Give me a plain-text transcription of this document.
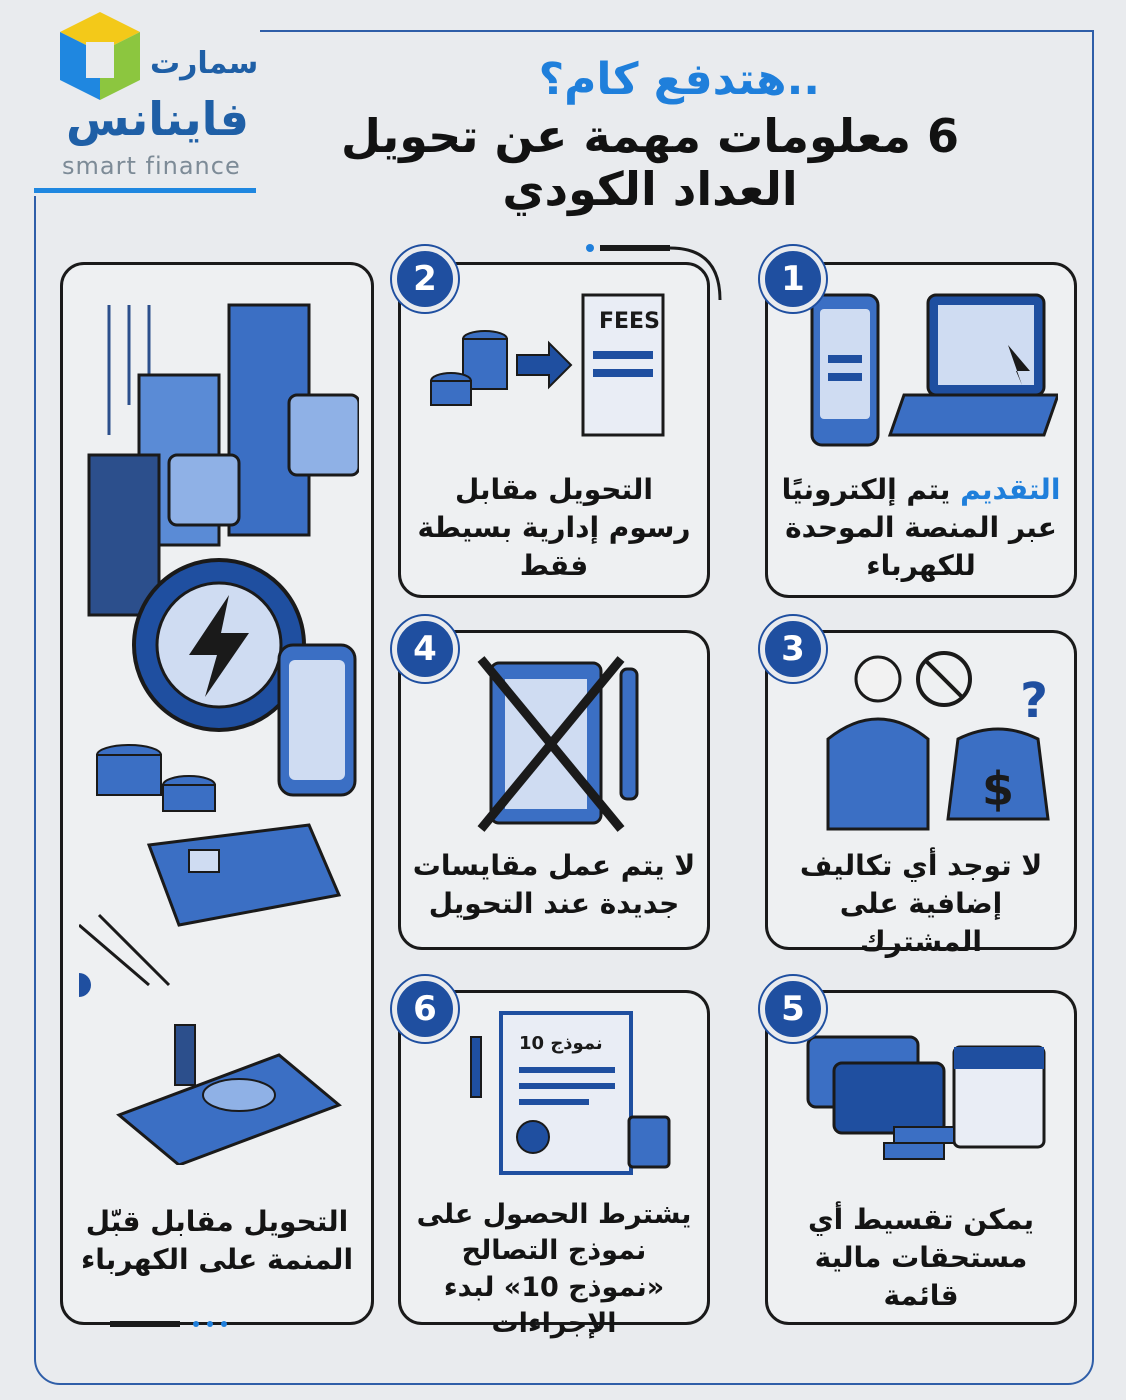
سمارت
فاينانس
smart finance
هتدفع كام؟..
6 معلومات مهمة عن تحويل العداد الكودي
التحويل مقابل قبّل المنمة على الكهرباء
التقديم يتم إلكترونيًا عبر المنصة الموحدة للكهرباء
1
FEES
التحويل مقابل رسوم إدارية بسيطة فقط
2
$
?
لا توجد أي تكاليف إضافية على المشترك
3
لا يتم عمل مقايسات جديدة عند التحويل
4
يمكن تقسيط أي مستحقات مالية قائمة
5
نموذج 10
يشترط الحصول على نموذج التصالح «نموذج 10» لبدء الإجراءات
6
